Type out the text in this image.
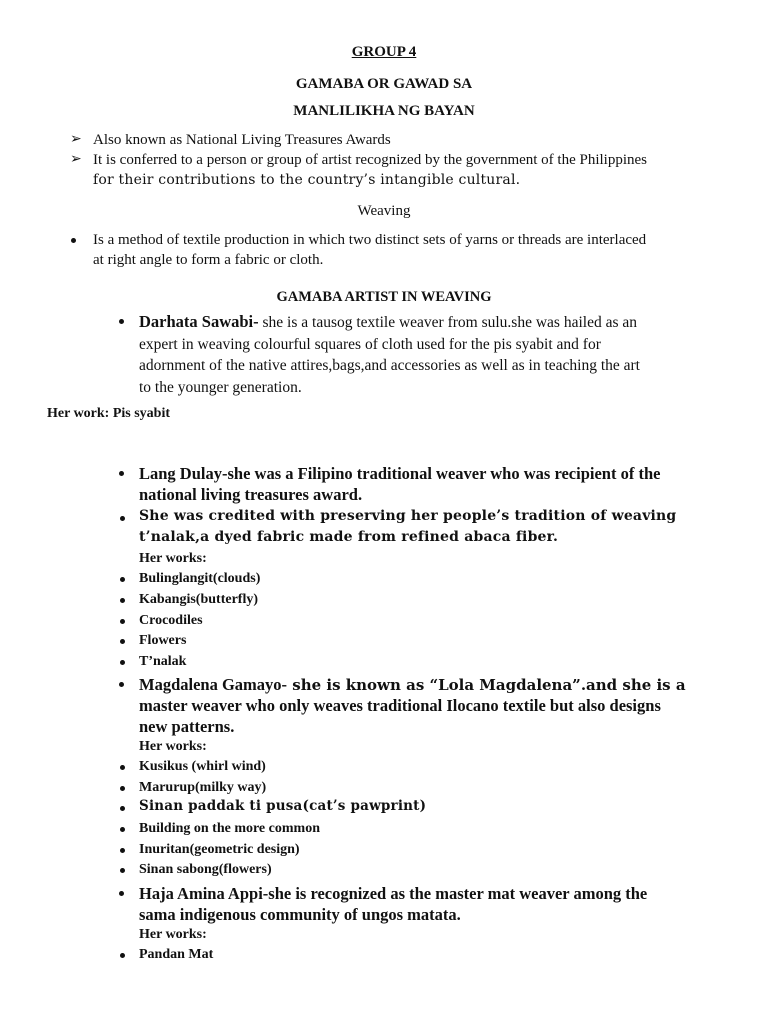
GROUP 4
GAMABA OR GAWAD SA
MANLILIKHA NG BAYAN
➢ Also known as National Living Treasures Awards
➢ It is conferred to a person or group of artist recognized by the government of the Philippines
for their contributions to the country’s intangible cultural.
Weaving
Is a method of textile production in which two distinct sets of yarns or threads are interlaced
at right angle to form a fabric or cloth.
GAMABA ARTIST IN WEAVING
Darhata Sawabi- she is a tausog textile weaver from sulu.she was hailed as an
expert in weaving colourful squares of cloth used for the pis syabit and for
adornment of the native attires,bags,and accessories as well as in teaching the art
to the younger generation.
Her work: Pis syabit
Lang Dulay-she was a Filipino traditional weaver who was recipient of the
national living treasures award.
She was credited with preserving her people’s tradition of weaving
t’nalak,a dyed fabric made from refined abaca fiber.
Her works:
Bulinglangit(clouds)
Kabangis(butterfly)
Crocodiles
Flowers
T’nalak
Magdalena Gamayo- she is known as “Lola Magdalena”.and she is a
master weaver who only weaves traditional Ilocano textile but also designs
new patterns.
Her works:
Kusikus (whirl wind)
Marurup(milky way)
Sinan paddak ti pusa(cat’s pawprint)
Building on the more common
Inuritan(geometric design)
Sinan sabong(flowers)
Haja Amina Appi-she is recognized as the master mat weaver among the
sama indigenous community of ungos matata.
Her works:
Pandan Mat
